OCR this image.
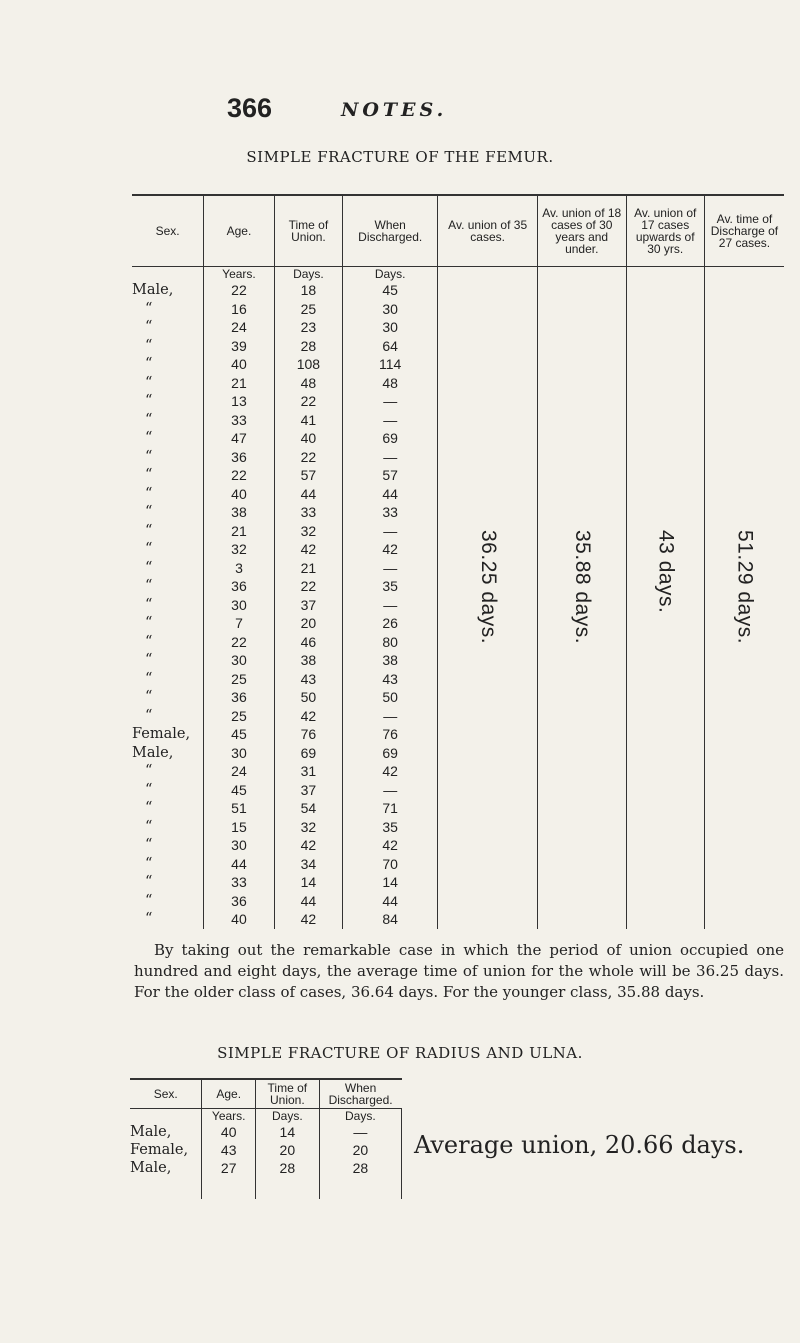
366	NOTES.
SIMPLE FRACTURE OF THE FEMUR.
Sex.	Age.	Time of Union.	When Discharged.	Av. union of 35 cases.	Av. union of 18 cases of 30 years and under.	Av. union of 17 cases upwards of 30 yrs.	Av. time of Discharge of 27 cases.
	Years.	Days.	Days.	36.25 days.	35.88 days.	43 days.	51.29 days.

Male,	22	18	45				
“	16	25	30				
“	24	23	30				
“	39	28	64				
“	40	108	114				
“	21	48	48				
“	13	22	—				
“	33	41	—				
“	47	40	69				
“	36	22	—				
“	22	57	57				
“	40	44	44				
“	38	33	33				
“	21	32	—				
“	32	42	42				
“	3	21	—				
“	36	22	35				
“	30	37	—				
“	7	20	26				
“	22	46	80				
“	30	38	38				
“	25	43	43				
“	36	50	50				
“	25	42	—				
Female,	45	76	76				
Male,	30	69	69				
“	24	31	42				
“	45	37	—				
“	51	54	71				
“	15	32	35				
“	30	42	42				
“	44	34	70				
“	33	14	14				
“	36	44	44				
“	40	42	84				
By taking out the remarkable case in which the period of union occupied one hundred and eight days, the average time of union for the whole will be 36.25 days. For the older class of cases, 36.64 days. For the younger class, 35.88 days.
SIMPLE FRACTURE OF RADIUS AND ULNA.
Sex.	Age.	Time of Union.	When Discharged.
	Years.	Days.	Days.
Male,	40	14	—
Female,	43	20	20
Male,	27	28	28

Average union, 20.66 days.
